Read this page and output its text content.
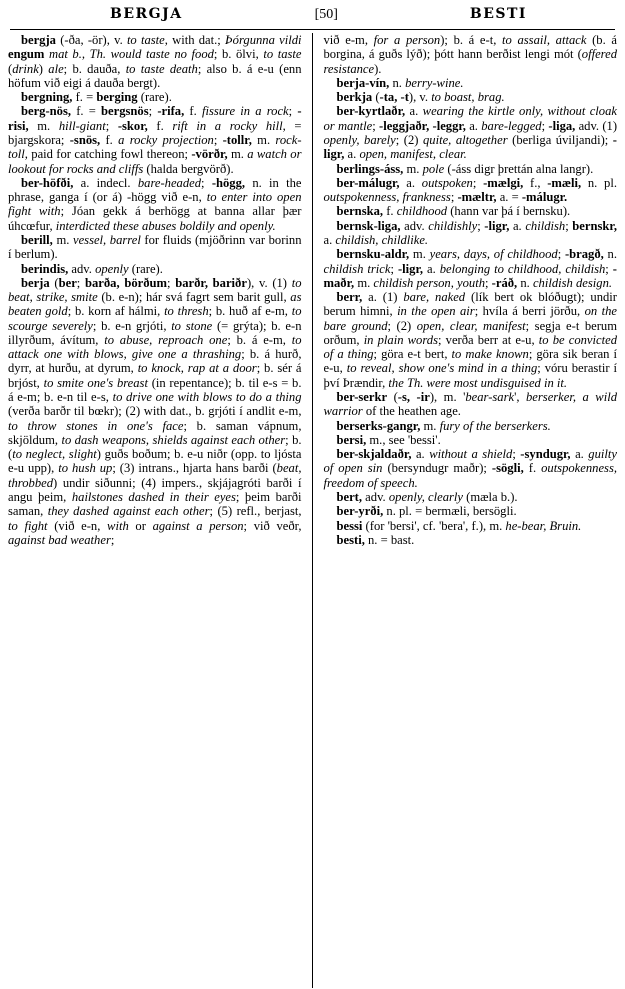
BERGJA	[50]	BESTI

bergja (-ða, -ör), v. to taste, with dat.; Þórgunna vildi engum mat b., Th. would taste no food; b. ölvi, to taste (drink) ale; b. dauða, to taste death; also b. á e-u (enn höfum við eigi á dauða bergt).

bergning, f. = berging (rare).

berg-nös, f. = bergsnös; -rifa, f. fissure in a rock; -risi, m. hill-giant; -skor, f. rift in a rocky hill, = bjargskora; -snös, f. a rocky projection; -tollr, m. rock-toll, paid for catching fowl thereon; -vörðr, m. a watch or lookout for rocks and cliffs (halda bergvörð).

ber-höfði, a. indecl. bare-headed; -högg, n. in the phrase, ganga í (or á) -högg við e-n, to enter into open fight with; Jóan gekk á berhögg at banna allar þær úhcœfur, interdicted these abuses boldily and openly.

berill, m. vessel, barrel for fluids (mjöðrinn var borinn í berlum).

berindis, adv. openly (rare).

berja (ber; barða, börðum; barðr, bariðr), v. (1) to beat, strike, smite (b. e-n); hár svá fagrt sem barit gull, as beaten gold; b. korn af hálmi, to thresh; b. huð af e-m, to scourge severely; b. e-n grjóti, to stone (= grýta); b. e-n illyrðum, ávítum, to abuse, reproach one; b. á e-m, to attack one with blows, give one a thrashing; b. á hurð, dyrr, at hurðu, at dyrum, to knock, rap at a door; b. sér á brjóst, to smite one's breast (in repentance); b. til e-s = b. á e-m; b. e-n til e-s, to drive one with blows to do a thing (verða barðr til bœkr); (2) with dat., b. grjóti í andlit e-m, to throw stones in one's face; b. saman vápnum, skjöldum, to dash weapons, shields against each other; b. (to neglect, slight) guðs boðum; b. e-u niðr (opp. to ljósta e-u upp), to hush up; (3) intrans., hjarta hans barði (beat, throbbed) undir siðunni; (4) impers., skjájagróti barði í angu þeim, hailstones dashed in their eyes; þeim barði saman, they dashed against each other; (5) refl., berjast, to fight (við e-n, with or against a person; við veðr, against bad weather;

við e-m, for a person); b. á e-t, to assail, attack (b. á borgina, á guðs lýð); þótt hann berðist lengi mót (offered resistance).

berja-vín, n. berry-wine.

berkja (-ta, -t), v. to boast, brag.

ber-kyrtlaðr, a. wearing the kirtle only, without cloak or mantle; -leggjaðr, -leggr, a. bare-legged; -liga, adv. (1) openly, barely; (2) quite, altogether (berliga úviljandi); -ligr, a. open, manifest, clear.

berlings-áss, m. pole (-áss digr þrettán alna langr).

ber-málugr, a. outspoken; -mælgi, f., -mæli, n. pl. outspokenness, frankness; -mæltr, a. = -málugr.

bernska, f. childhood (hann var þá í bernsku).

bernsk-liga, adv. childishly; -ligr, a. childish; bernskr, a. childish, childlike.

bernsku-aldr, m. years, days, of childhood; -bragð, n. childish trick; -ligr, a. belonging to childhood, childish; -maðr, m. childish person, youth; -ráð, n. childish design.

berr, a. (1) bare, naked (lík bert ok blóðugt); undir berum himni, in the open air; hvíla á berri jörðu, on the bare ground; (2) open, clear, manifest; segja e-t berum orðum, in plain words; verða berr at e-u, to be convicted of a thing; göra e-t bert, to make known; göra sik beran í e-u, to reveal, show one's mind in a thing; vóru berastir í því Þrændir, the Th. were most undisguised in it.

ber-serkr (-s, -ir), m. 'bear-sark', berserker, a wild warrior of the heathen age.

berserks-gangr, m. fury of the berserkers.

bersi, m., see 'bessi'.

ber-skjaldaðr, a. without a shield; -syndugr, a. guilty of open sin (bersyndugr maðr); -sögli, f. outspokenness, freedom of speech.

bert, adv. openly, clearly (mæla b.).

ber-yrði, n. pl. = bermæli, bersögli.

bessi (for 'bersi', cf. 'bera', f.), m. he-bear, Bruin.

besti, n. = bast.
